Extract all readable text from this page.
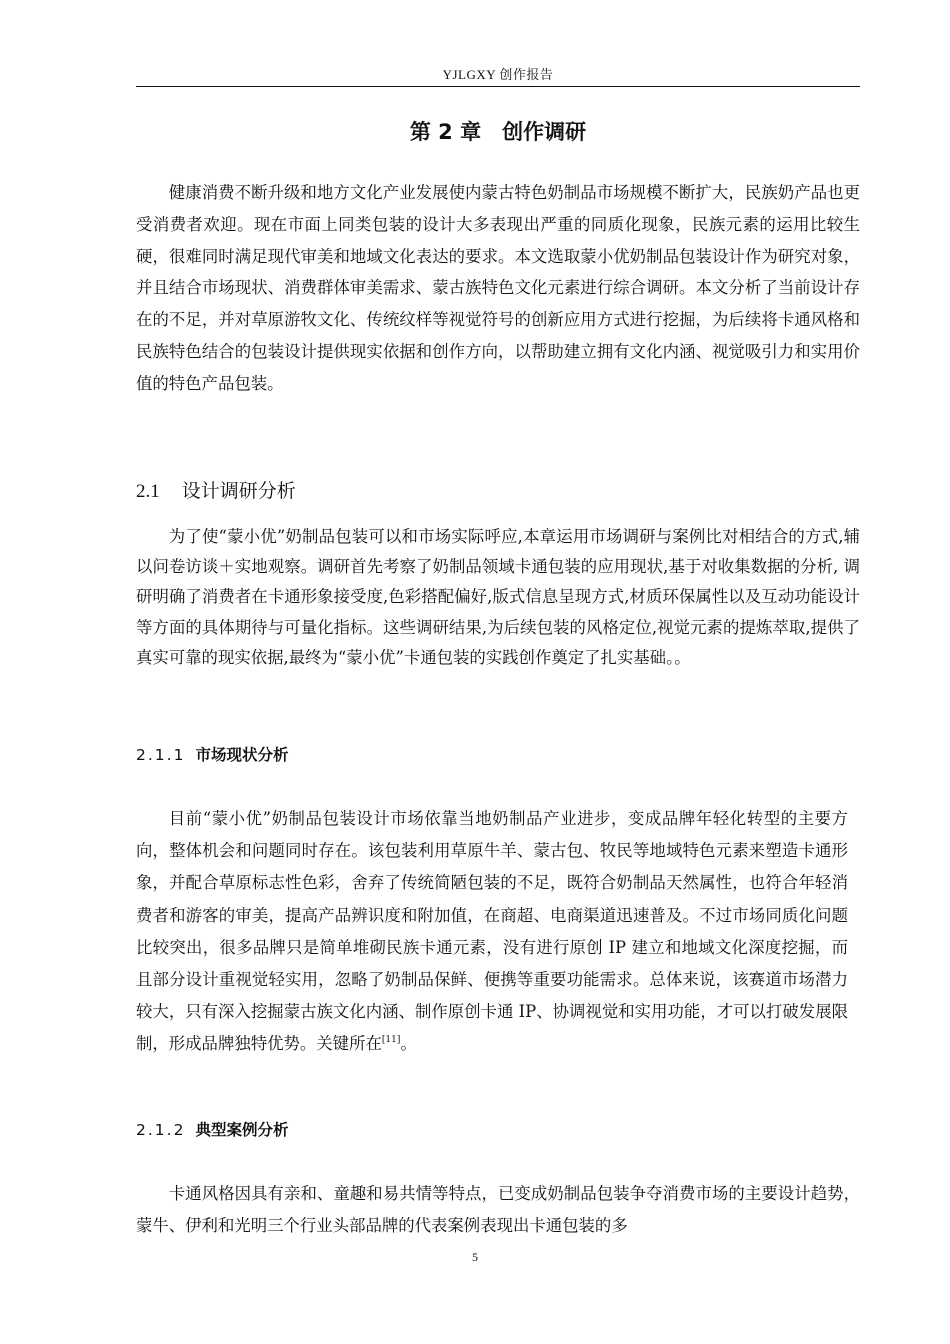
YJLGXY 创作报告
第 2 章　创作调研

健康消费不断升级和地方文化产业发展使内蒙古特色奶制品市场规模不断扩大，民族奶产品也更受消费者欢迎。现在市面上同类包装的设计大多表现出严重的同质化现象，民族元素的运用比较生硬，很难同时满足现代审美和地域文化表达的要求。本文选取蒙小优奶制品包装设计作为研究对象，并且结合市场现状、消费群体审美需求、蒙古族特色文化元素进行综合调研。本文分析了当前设计存在的不足，并对草原游牧文化、传统纹样等视觉符号的创新应用方式进行挖掘，为后续将卡通风格和民族特色结合的包装设计提供现实依据和创作方向，以帮助建立拥有文化内涵、视觉吸引力和实用价值的特色产品包装。

2.1 设计调研分析

为了使“蒙小优”奶制品包装可以和市场实际呼应,本章运用市场调研与案例比对相结合的方式,辅以问卷访谈＋实地观察。调研首先考察了奶制品领域卡通包装的应用现状,基于对收集数据的分析, 调研明确了消费者在卡通形象接受度,色彩搭配偏好,版式信息呈现方式,材质环保属性以及互动功能设计等方面的具体期待与可量化指标。这些调研结果,为后续包装的风格定位,视觉元素的提炼萃取,提供了真实可靠的现实依据,最终为“蒙小优”卡通包装的实践创作奠定了扎实基础。。

2.1.1 市场现状分析

目前“蒙小优”奶制品包装设计市场依靠当地奶制品产业进步，变成品牌年轻化转型的主要方向，整体机会和问题同时存在。该包装利用草原牛羊、蒙古包、牧民等地域特色元素来塑造卡通形象，并配合草原标志性色彩，舍弃了传统简陋包装的不足，既符合奶制品天然属性，也符合年轻消费者和游客的审美，提高产品辨识度和附加值，在商超、电商渠道迅速普及。不过市场同质化问题比较突出，很多品牌只是简单堆砌民族卡通元素，没有进行原创 IP 建立和地域文化深度挖掘，而且部分设计重视觉轻实用，忽略了奶制品保鲜、便携等重要功能需求。总体来说，该赛道市场潜力较大，只有深入挖掘蒙古族文化内涵、制作原创卡通 IP、协调视觉和实用功能，才可以打破发展限制，形成品牌独特优势。关键所在[11]。

2.1.2 典型案例分析

卡通风格因具有亲和、童趣和易共情等特点，已变成奶制品包装争夺消费市场的主要设计趋势，蒙牛、伊利和光明三个行业头部品牌的代表案例表现出卡通包装的多

5
